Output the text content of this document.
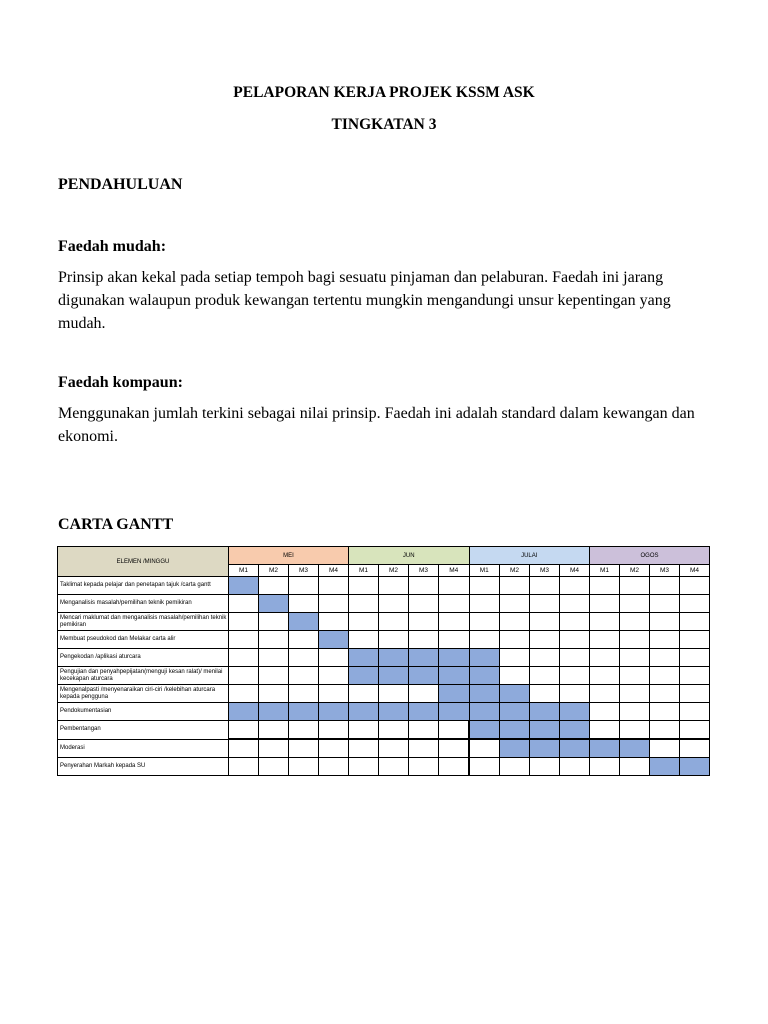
PELAPORAN KERJA PROJEK KSSM ASK
TINGKATAN 3
PENDAHULUAN
Faedah mudah:
Prinsip akan kekal pada setiap tempoh bagi sesuatu pinjaman dan pelaburan. Faedah ini jarang digunakan walaupun produk kewangan tertentu mungkin mengandungi unsur kepentingan yang mudah.
Faedah kompaun:
Menggunakan jumlah terkini sebagai nilai prinsip. Faedah ini adalah standard dalam kewangan dan ekonomi.
CARTA GANTT
ELEMEN /MINGGU	MEI				JUN				JULAI				OGOS			
	M1	M2	M3	M4	M1	M2	M3	M4	M1	M2	M3	M4	M1	M2	M3	M4
Taklimat kepada pelajar dan penetapan tajuk /carta gantt																
Menganalisis masalah/pemilihan teknik pemikiran																
Mencari maklumat dan menganalisis masalah/pemilihan teknik pemikiran																
Membuat pseudokod dan Melakar carta alir																
Pengekodan /aplikasi aturcara																
Pengujian dan penyahpepijatan(menguji kesan ralat)/ menilai kecekapan aturcara																
Mengenalpasti /menyenaraikan ciri-ciri /kelebihan aturcara kepada pengguna																
Pendokumentasian																
Pembentangan																
Moderasi																
Penyerahan Markah kepada SU																
